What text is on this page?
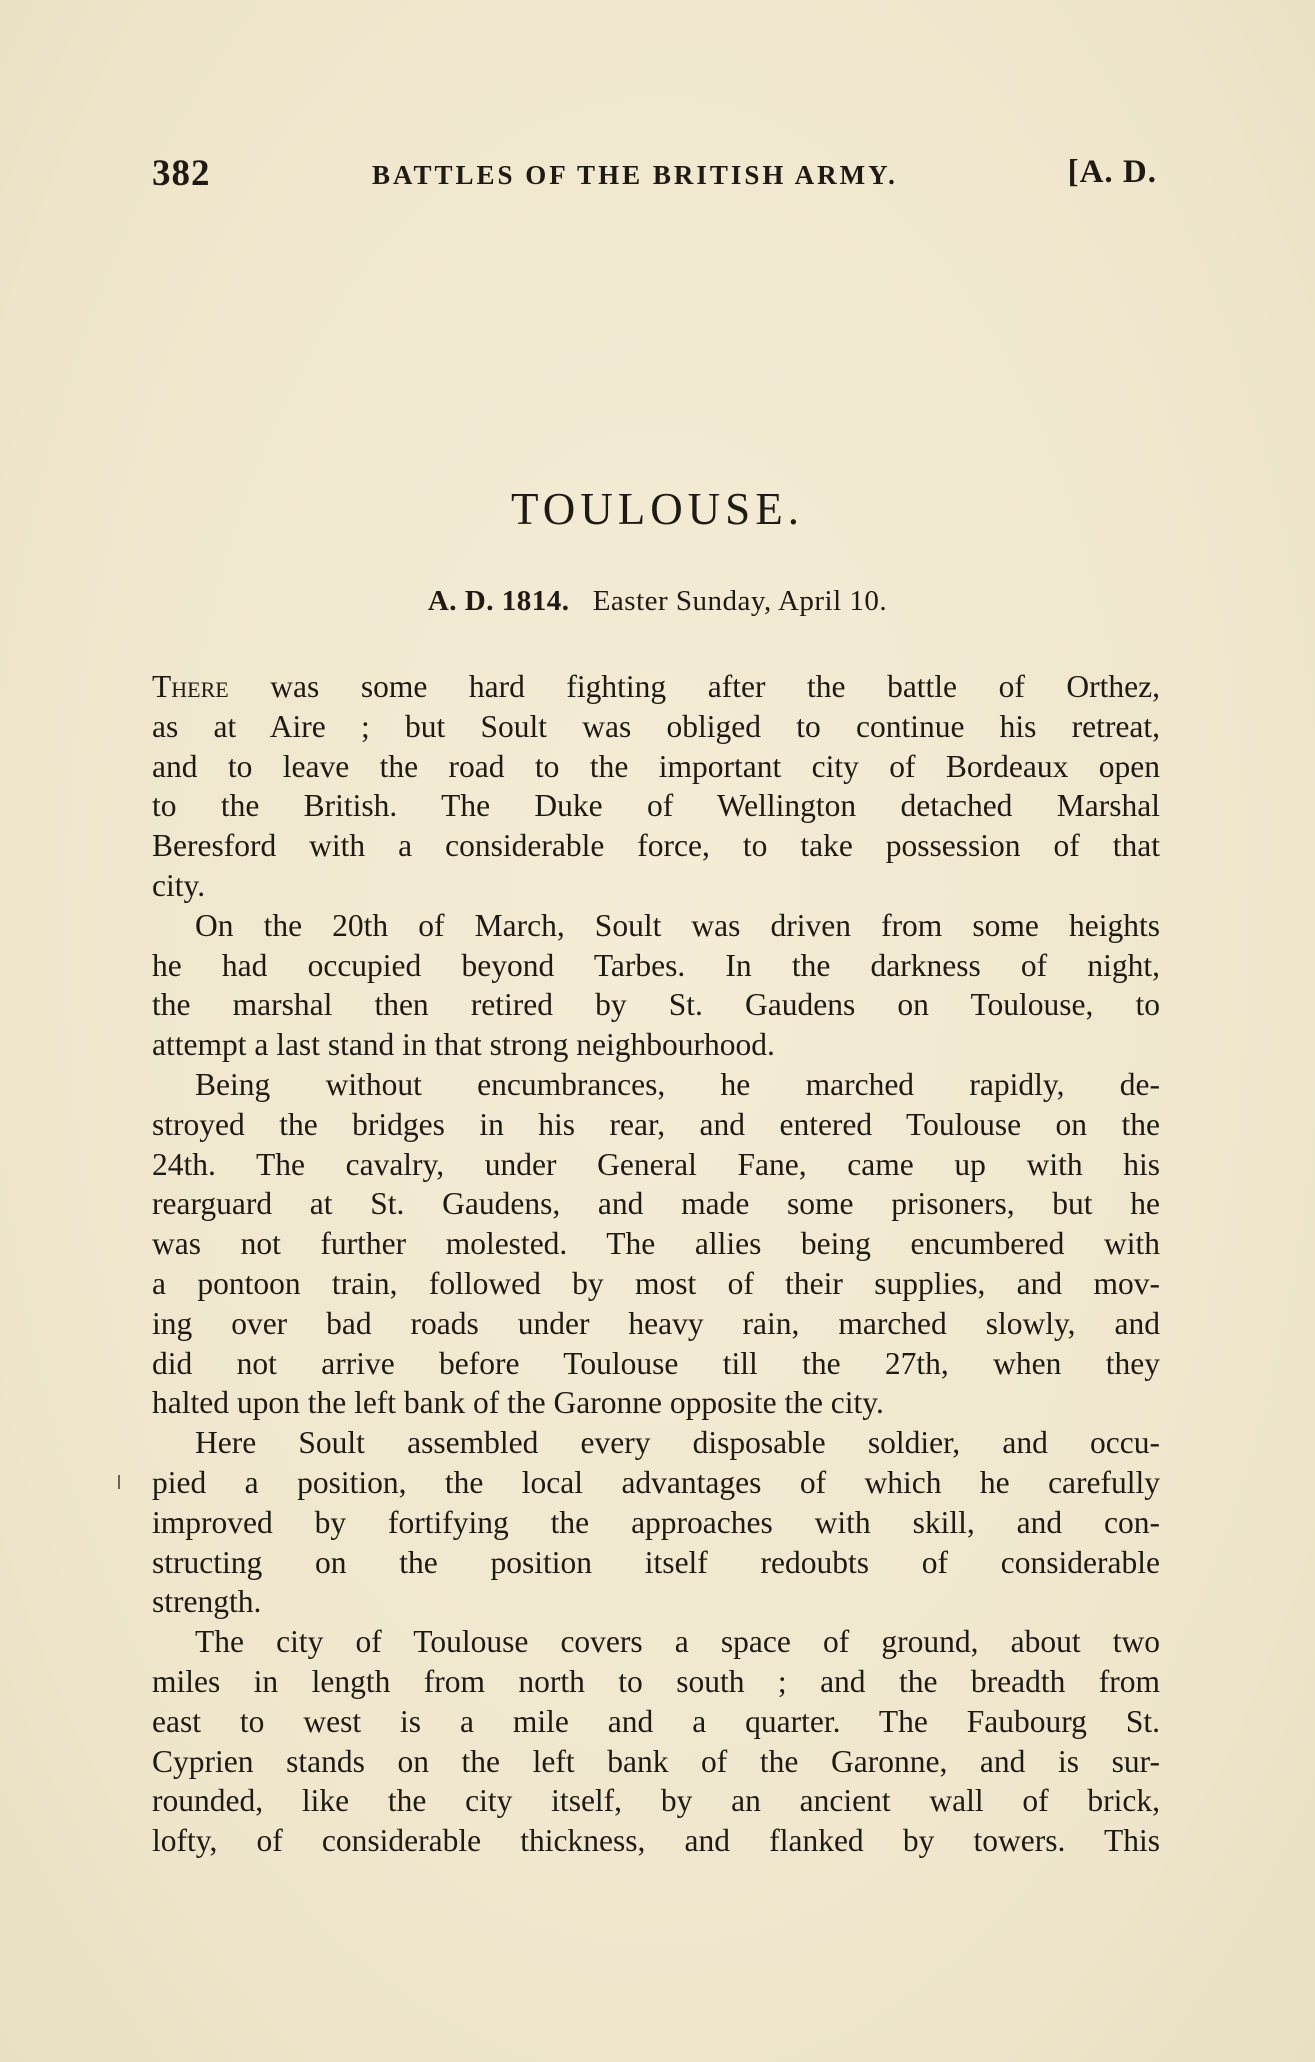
382	BATTLES OF THE BRITISH ARMY.	[A. D.
TOULOUSE.
A. D. 1814. Easter Sunday, April 10.
There was some hard fighting after the battle of Orthez,
as at Aire ; but Soult was obliged to continue his retreat,
and to leave the road to the important city of Bordeaux open
to the British. The Duke of Wellington detached Marshal
Beresford with a considerable force, to take possession of that
city.
On the 20th of March, Soult was driven from some heights
he had occupied beyond Tarbes. In the darkness of night,
the marshal then retired by St. Gaudens on Toulouse, to
attempt a last stand in that strong neighbourhood.
Being without encumbrances, he marched rapidly, de-
stroyed the bridges in his rear, and entered Toulouse on the
24th. The cavalry, under General Fane, came up with his
rearguard at St. Gaudens, and made some prisoners, but he
was not further molested. The allies being encumbered with
a pontoon train, followed by most of their supplies, and mov-
ing over bad roads under heavy rain, marched slowly, and
did not arrive before Toulouse till the 27th, when they
halted upon the left bank of the Garonne opposite the city.
Here Soult assembled every disposable soldier, and occu-
pied a position, the local advantages of which he carefully
improved by fortifying the approaches with skill, and con-
structing on the position itself redoubts of considerable
strength.
The city of Toulouse covers a space of ground, about two
miles in length from north to south ; and the breadth from
east to west is a mile and a quarter. The Faubourg St.
Cyprien stands on the left bank of the Garonne, and is sur-
rounded, like the city itself, by an ancient wall of brick,
lofty, of considerable thickness, and flanked by towers. This
